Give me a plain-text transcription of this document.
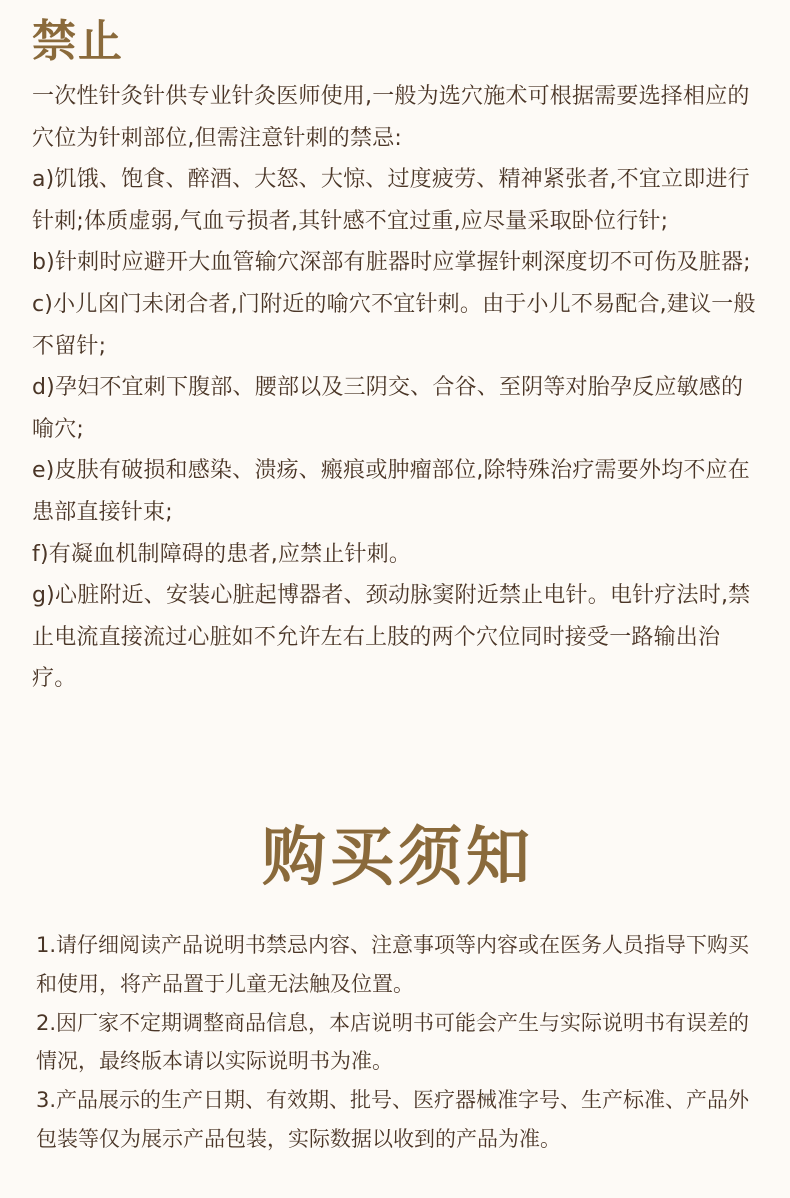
禁止

一次性针灸针供专业针灸医师使用,一般为选穴施术可根据需要选择相应的穴位为针刺部位,但需注意针刺的禁忌:

a)饥饿、饱食、醉酒、大怒、大惊、过度疲劳、精神紧张者,不宜立即进行针刺;体质虚弱,气血亏损者,其针感不宜过重,应尽量采取卧位行针;

b)针刺时应避开大血管输穴深部有脏器时应掌握针刺深度切不可伤及脏器;

c)小儿囟门未闭合者,门附近的喻穴不宜针刺。由于小儿不易配合,建议一般不留针;

d)孕妇不宜刺下腹部、腰部以及三阴交、合谷、至阴等对胎孕反应敏感的喻穴;

e)皮肤有破损和感染、溃疡、瘢痕或肿瘤部位,除特殊治疗需要外均不应在患部直接针束;

f)有凝血机制障碍的患者,应禁止针刺。

g)心脏附近、安装心脏起博器者、颈动脉窦附近禁止电针。电针疗法时,禁止电流直接流过心脏如不允许左右上肢的两个穴位同时接受一路输出治疗。

购买须知

1.请仔细阅读产品说明书禁忌内容、注意事项等内容或在医务人员指导下购买和使用，将产品置于儿童无法触及位置。

2.因厂家不定期调整商品信息，本店说明书可能会产生与实际说明书有误差的情况，最终版本请以实际说明书为准。

3.产品展示的生产日期、有效期、批号、医疗器械准字号、生产标准、产品外包装等仅为展示产品包装，实际数据以收到的产品为准。
